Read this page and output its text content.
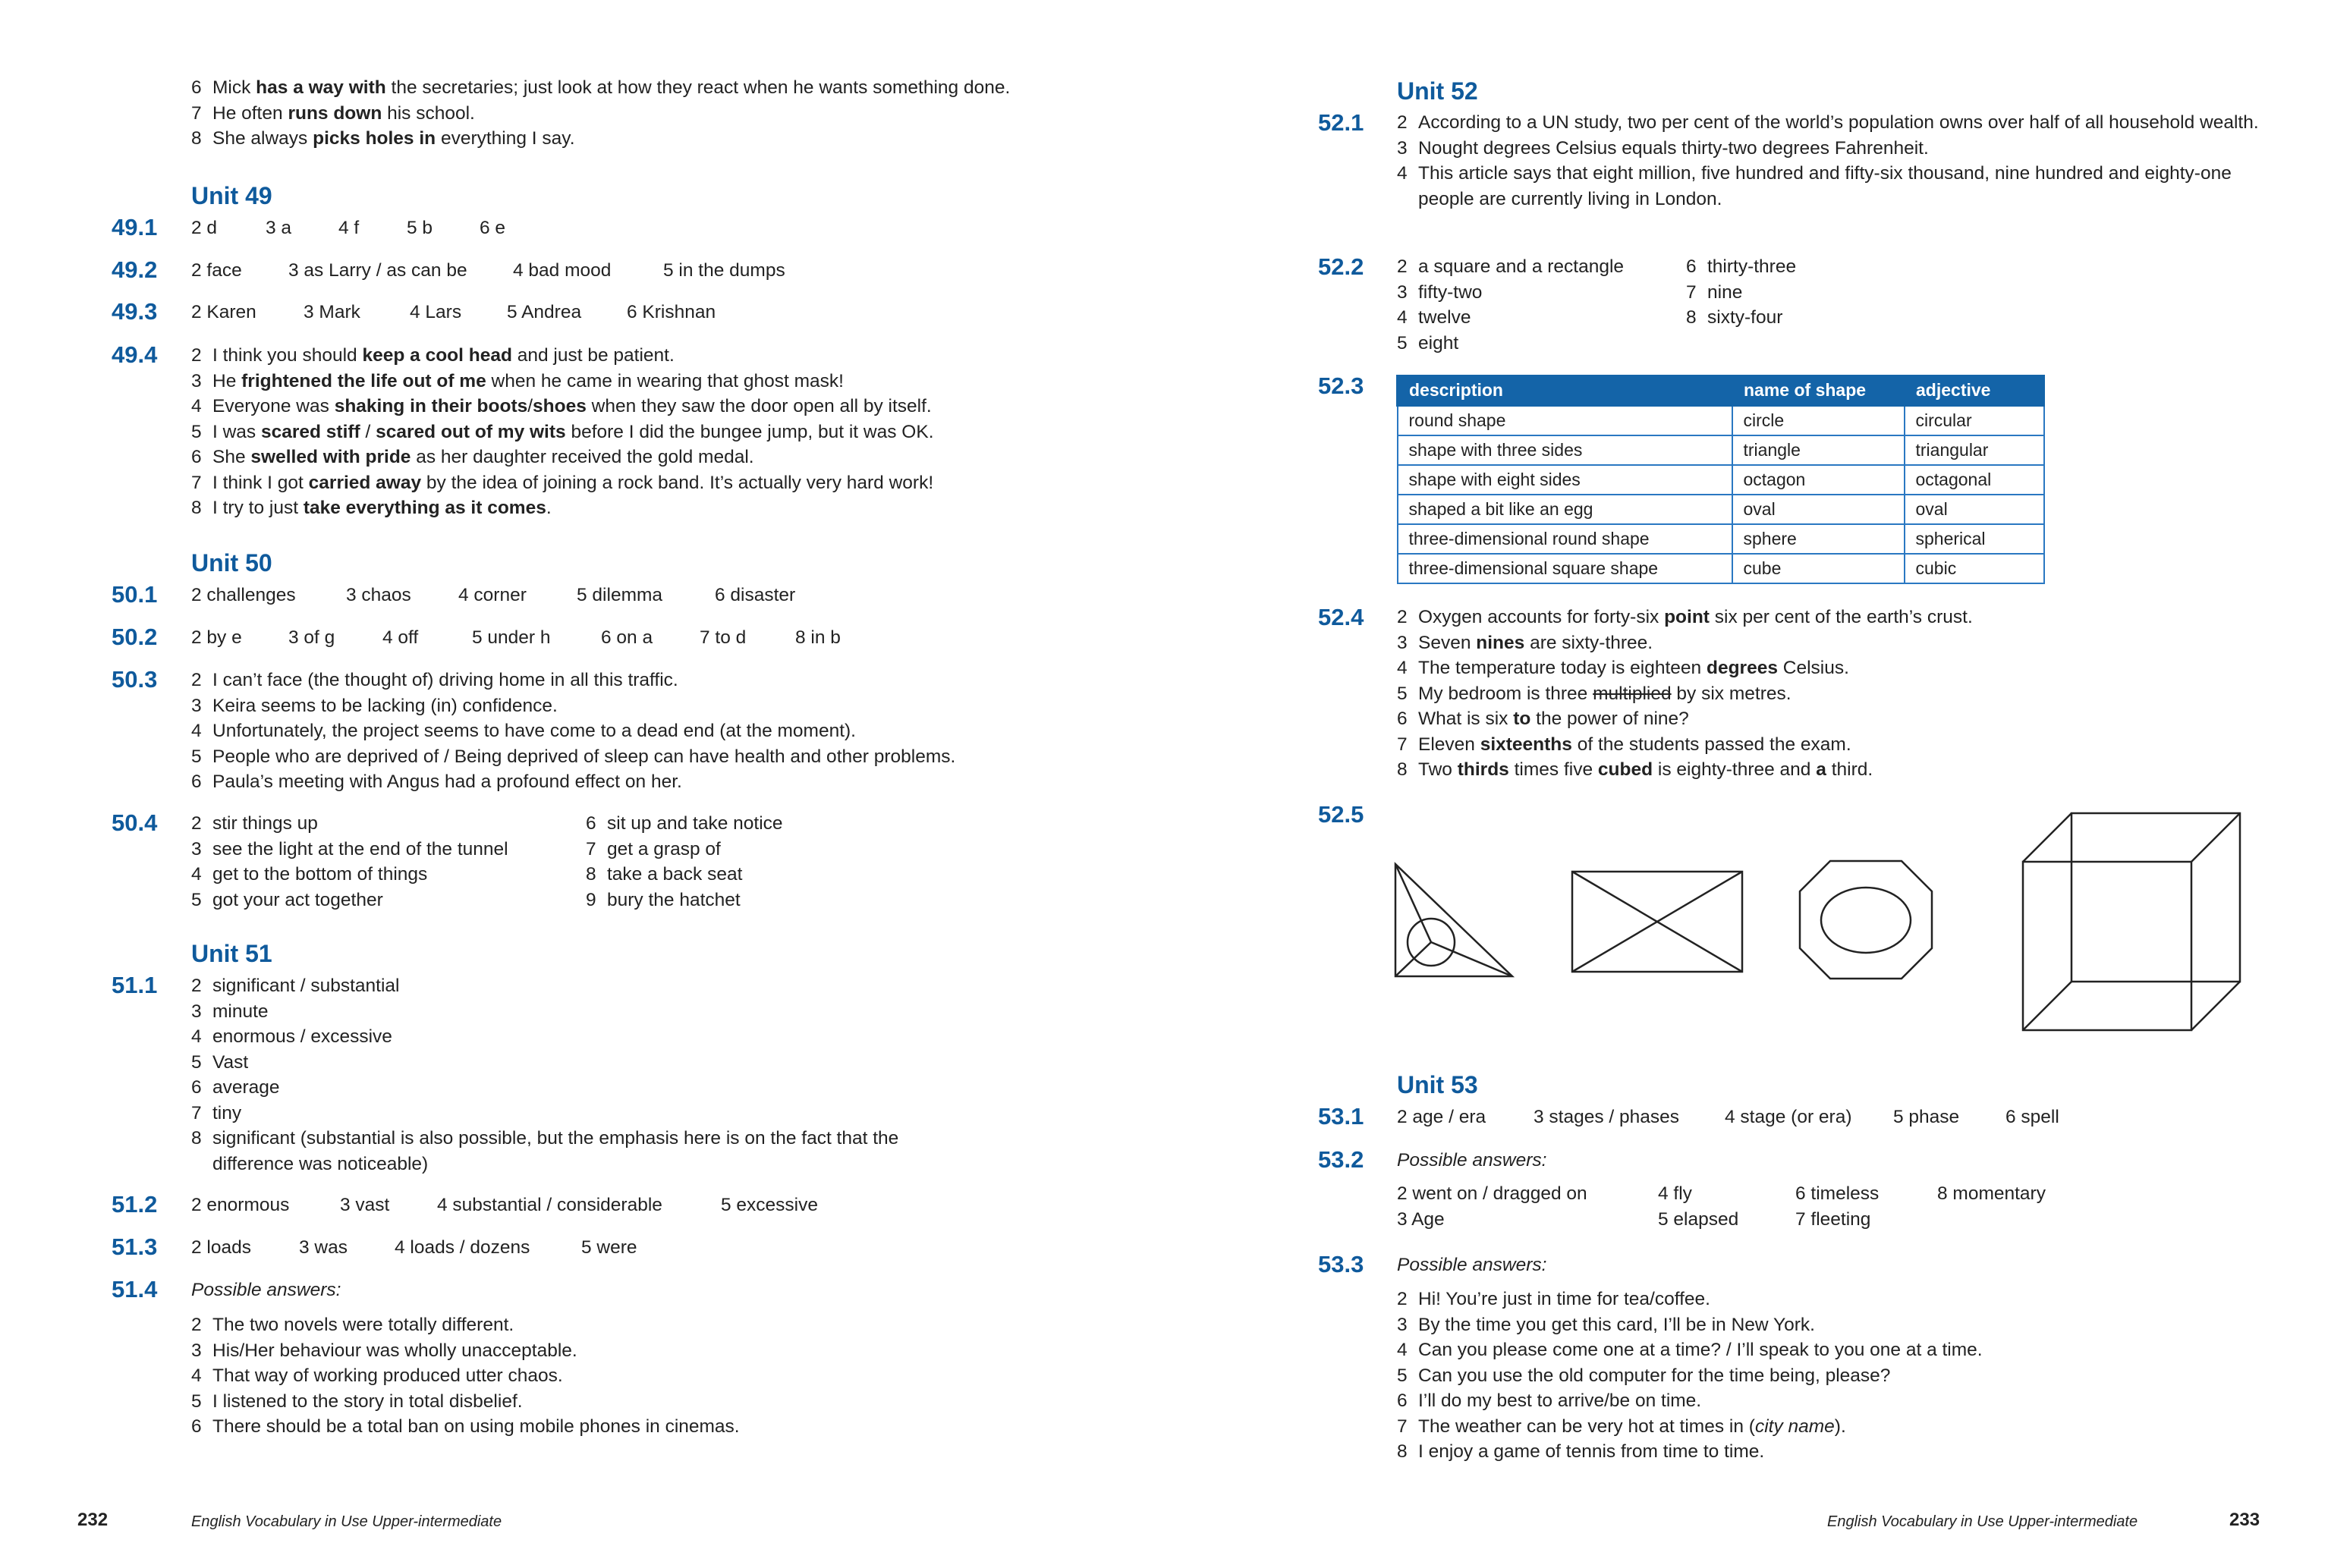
6 Mick has a way with the secretaries; just look at how they react when he wants something done.
7 He often runs down his school.
8 She always picks holes in everything I say.
Unit 49
49.1 2 d	3 a	4 f	5 b	6 e
49.2 2 face	3 as Larry / as can be 4 bad mood	5 in the dumps
49.3 2 Karen	3 Mark	4 Lars 5 Andrea 6 Krishnan
49.4 2 I think you should keep a cool head and just be patient.
3 He frightened the life out of me when he came in wearing that ghost mask!
4 Everyone was shaking in their boots/shoes when they saw the door open all by itself.
5 I was scared stiff / scared out of my wits before I did the bungee jump, but it was OK.
6 She swelled with pride as her daughter received the gold medal.
7 I think I got carried away by the idea of joining a rock band. It’s actually very hard work!
8 I try to just take everything as it comes.
Unit 50
50.1 2 challenges	3 chaos	4 corner	5 dilemma	6 disaster
50.2 2 by e	3 of g	4 off	5 under h	6 on a	7 to d	8 in b
50.3 2 I can’t face (the thought of) driving home in all this traffic.
3 Keira seems to be lacking (in) confidence.
4 Unfortunately, the project seems to have come to a dead end (at the moment).
5 People who are deprived of / Being deprived of sleep can have health and other problems.
6 Paula’s meeting with Angus had a profound effect on her.
50.4 2 stir things up
3 see the light at the end of the tunnel
4 get to the bottom of things
5 got your act together
6 sit up and take notice
7 get a grasp of
8 take a back seat
9 bury the hatchet
Unit 51
51.1 2 significant / substantial
3 minute
4 enormous / excessive
5 Vast
6 average
7 tiny
8 significant (substantial is also possible, but the emphasis here is on the fact that the difference was noticeable)
51.2 2 enormous	3 vast	4 substantial / considerable	5 excessive
51.3 2 loads	3 was	4 loads / dozens	5 were
51.4 Possible answers:
2 The two novels were totally different.
3 His/Her behaviour was wholly unacceptable.
4 That way of working produced utter chaos.
5 I listened to the story in total disbelief.
6 There should be a total ban on using mobile phones in cinemas.
232	English Vocabulary in Use Upper-intermediate
Unit 52
52.1 2 According to a UN study, two per cent of the world’s population owns over half of all household wealth.
3 Nought degrees Celsius equals thirty-two degrees Fahrenheit.
4 This article says that eight million, five hundred and fifty-six thousand, nine hundred and eighty-one people are currently living in London.
52.2 2 a square and a rectangle
3 fifty-two
4 twelve
5 eight
6 thirty-three
7 nine
8 sixty-four
52.3	description	name of shape	adjective
round shape	circle	circular
shape with three sides	triangle	triangular
shape with eight sides	octagon	octagonal
shaped a bit like an egg	oval	oval
three-dimensional round shape	sphere	spherical
three-dimensional square shape	cube	cubic
52.4 2 Oxygen accounts for forty-six point six per cent of the earth’s crust.
3 Seven nines are sixty-three.
4 The temperature today is eighteen degrees Celsius.
5 My bedroom is three multiplied by six metres.
6 What is six to the power of nine?
7 Eleven sixteenths of the students passed the exam.
8 Two thirds times five cubed is eighty-three and a third.
52.5
Unit 53
53.1 2 age / era	3 stages / phases 4 stage (or era) 5 phase 6 spell
53.2 Possible answers:
2 went on / dragged on
3 Age
4 fly
5 elapsed
6 timeless
7 fleeting
8 momentary
53.3 Possible answers:
2 Hi! You’re just in time for tea/coffee.
3 By the time you get this card, I’ll be in New York.
4 Can you please come one at a time? / I’ll speak to you one at a time.
5 Can you use the old computer for the time being, please?
6 I’ll do my best to arrive/be on time.
7 The weather can be very hot at times in (city name).
8 I enjoy a game of tennis from time to time.
English Vocabulary in Use Upper-intermediate	233
